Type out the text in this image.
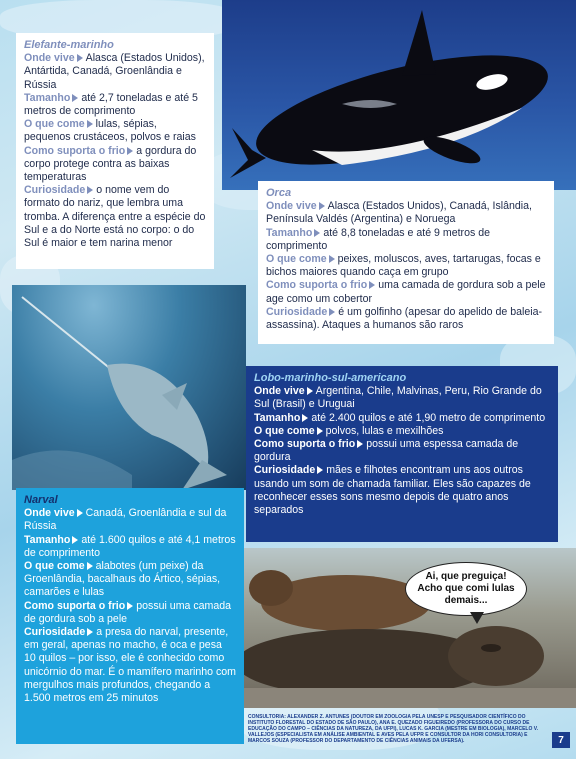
Elefante-marinho

Onde vive Alasca (Estados Unidos), Antártida, Canadá, Groenlândia e Rússia

Tamanho até 2,7 toneladas e até 5 metros de comprimento

O que come lulas, sépias, pequenos crustáceos, polvos e raias

Como suporta o frio a gordura do corpo protege contra as baixas temperaturas

Curiosidade o nome vem do formato do nariz, que lembra uma tromba. A diferença entre a espécie do Sul e a do Norte está no corpo: o do Sul é maior e tem narina menor

Orca

Onde vive Alasca (Estados Unidos), Canadá, Islândia, Península Valdés (Argentina) e Noruega

Tamanho até 8,8 toneladas e até 9 metros de comprimento

O que come peixes, moluscos, aves, tartarugas, focas e bichos maiores quando caça em grupo

Como suporta o frio uma camada de gordura sob a pele age como um cobertor

Curiosidade é um golfinho (apesar do apelido de baleia-assassina). Ataques a humanos são raros

Lobo-marinho-sul-americano

Onde vive Argentina, Chile, Malvinas, Peru, Rio Grande do Sul (Brasil) e Uruguai

Tamanho até 2.400 quilos e até 1,90 metro de comprimento

O que come polvos, lulas e mexilhões

Como suporta o frio possui uma espessa camada de gordura

Curiosidade mães e filhotes encontram uns aos outros usando um som de chamada familiar. Eles são capazes de reconhecer esses sons mesmo depois de quatro anos separados

Narval

Onde vive Canadá, Groenlândia e sul da Rússia

Tamanho até 1.600 quilos e até 4,1 metros de comprimento

O que come alabotes (um peixe) da Groenlândia, bacalhaus do Ártico, sépias, camarões e lulas

Como suporta o frio possui uma camada de gordura sob a pele

Curiosidade a presa do narval, presente, em geral, apenas no macho, é oca e pesa 10 quilos – por isso, ele é conhecido como unicórnio do mar. É o mamífero marinho com mergulhos mais profundos, chegando a 1.500 metros em 25 minutos

Ai, que preguiça!
Acho que comi lulas
demais...
CONSULTORIA: ALEXANDER Z. ANTUNES (DOUTOR EM ZOOLOGIA PELA UNESP E PESQUISADOR CIENTÍFICO DO INSTITUTO FLORESTAL DO ESTADO DE SÃO PAULO), ANA E. QUEZADO FIGUEIREDO (PROFESSORA DO CURSO DE EDUCAÇÃO DO CAMPO – CIÊNCIAS DA NATUREZA, DA UFPI), LUCAS K. GARCIA (MESTRE EM BIOLOGIA), MARCELO V. VALLEJOS (ESPECIALISTA EM ANÁLISE AMBIENTAL E AVES PELA UFPR E CONSULTOR DA HORI CONSULTORIA) E MARCOS SOUZA (PROFESSOR DO DEPARTAMENTO DE CIÊNCIAS ANIMAIS DA UFERSA).	7
